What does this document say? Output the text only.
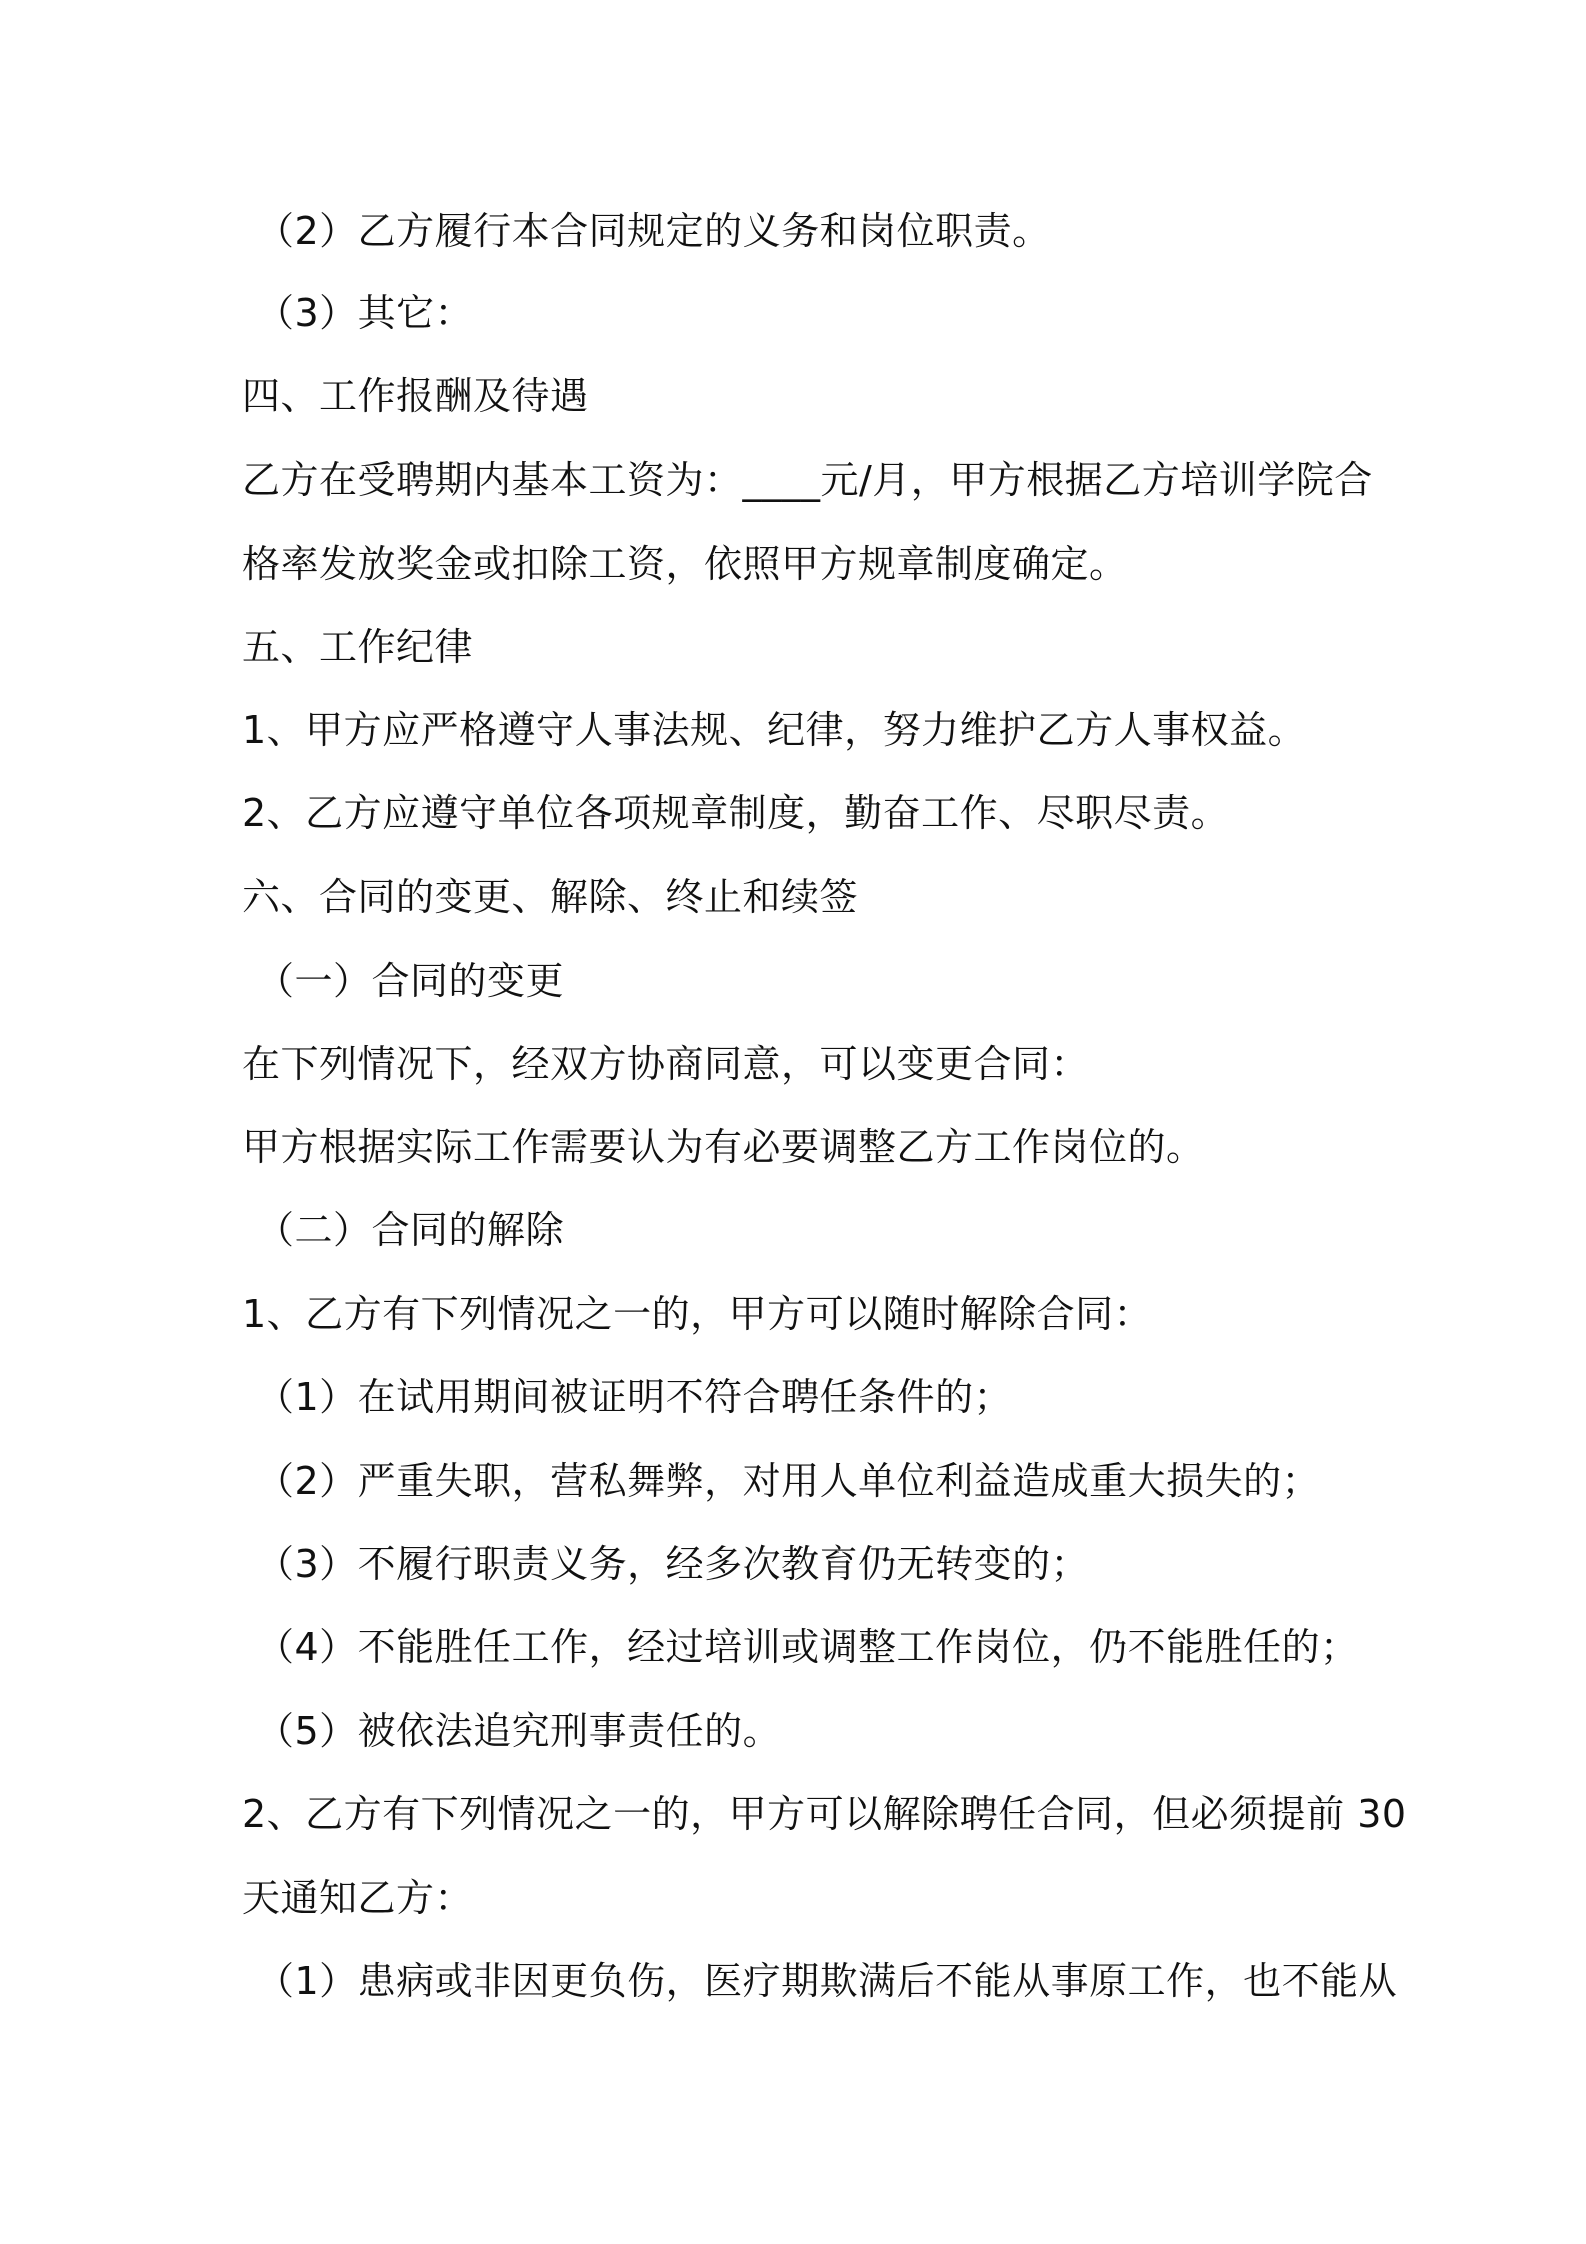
（2）乙方履行本合同规定的义务和岗位职责。
（3）其它：
四、工作报酬及待遇
乙方在受聘期内基本工资为：____元/月，甲方根据乙方培训学院合
格率发放奖金或扣除工资，依照甲方规章制度确定。
五、工作纪律
1、甲方应严格遵守人事法规、纪律，努力维护乙方人事权益。
2、乙方应遵守单位各项规章制度，勤奋工作、尽职尽责。
六、合同的变更、解除、终止和续签
（一）合同的变更
在下列情况下，经双方协商同意，可以变更合同：
甲方根据实际工作需要认为有必要调整乙方工作岗位的。
（二）合同的解除
1、乙方有下列情况之一的，甲方可以随时解除合同：
（1）在试用期间被证明不符合聘任条件的；
（2）严重失职，营私舞弊，对用人单位利益造成重大损失的；
（3）不履行职责义务，经多次教育仍无转变的；
（4）不能胜任工作，经过培训或调整工作岗位，仍不能胜任的；
（5）被依法追究刑事责任的。
2、乙方有下列情况之一的，甲方可以解除聘任合同，但必须提前 30
天通知乙方：
（1）患病或非因更负伤，医疗期欺满后不能从事原工作，也不能从
